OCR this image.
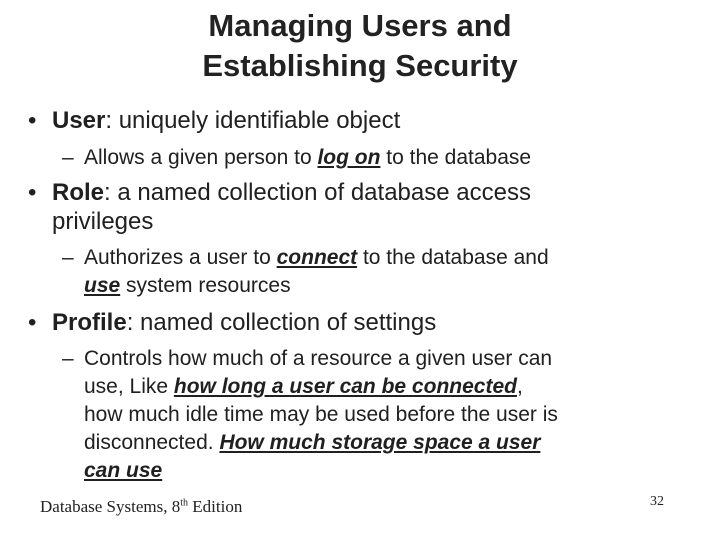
Managing Users and
Establishing Security
• User: uniquely identifiable object
– Allows a given person to log on to the database
• Role: a named collection of database access
privileges
– Authorizes a user to connect to the database and
use system resources
• Profile: named collection of settings
– Controls how much of a resource a given user can
use, Like how long a user can be connected,
how much idle time may be used before the user is
disconnected. How much storage space a user
can use
Database Systems, 8th Edition	32
